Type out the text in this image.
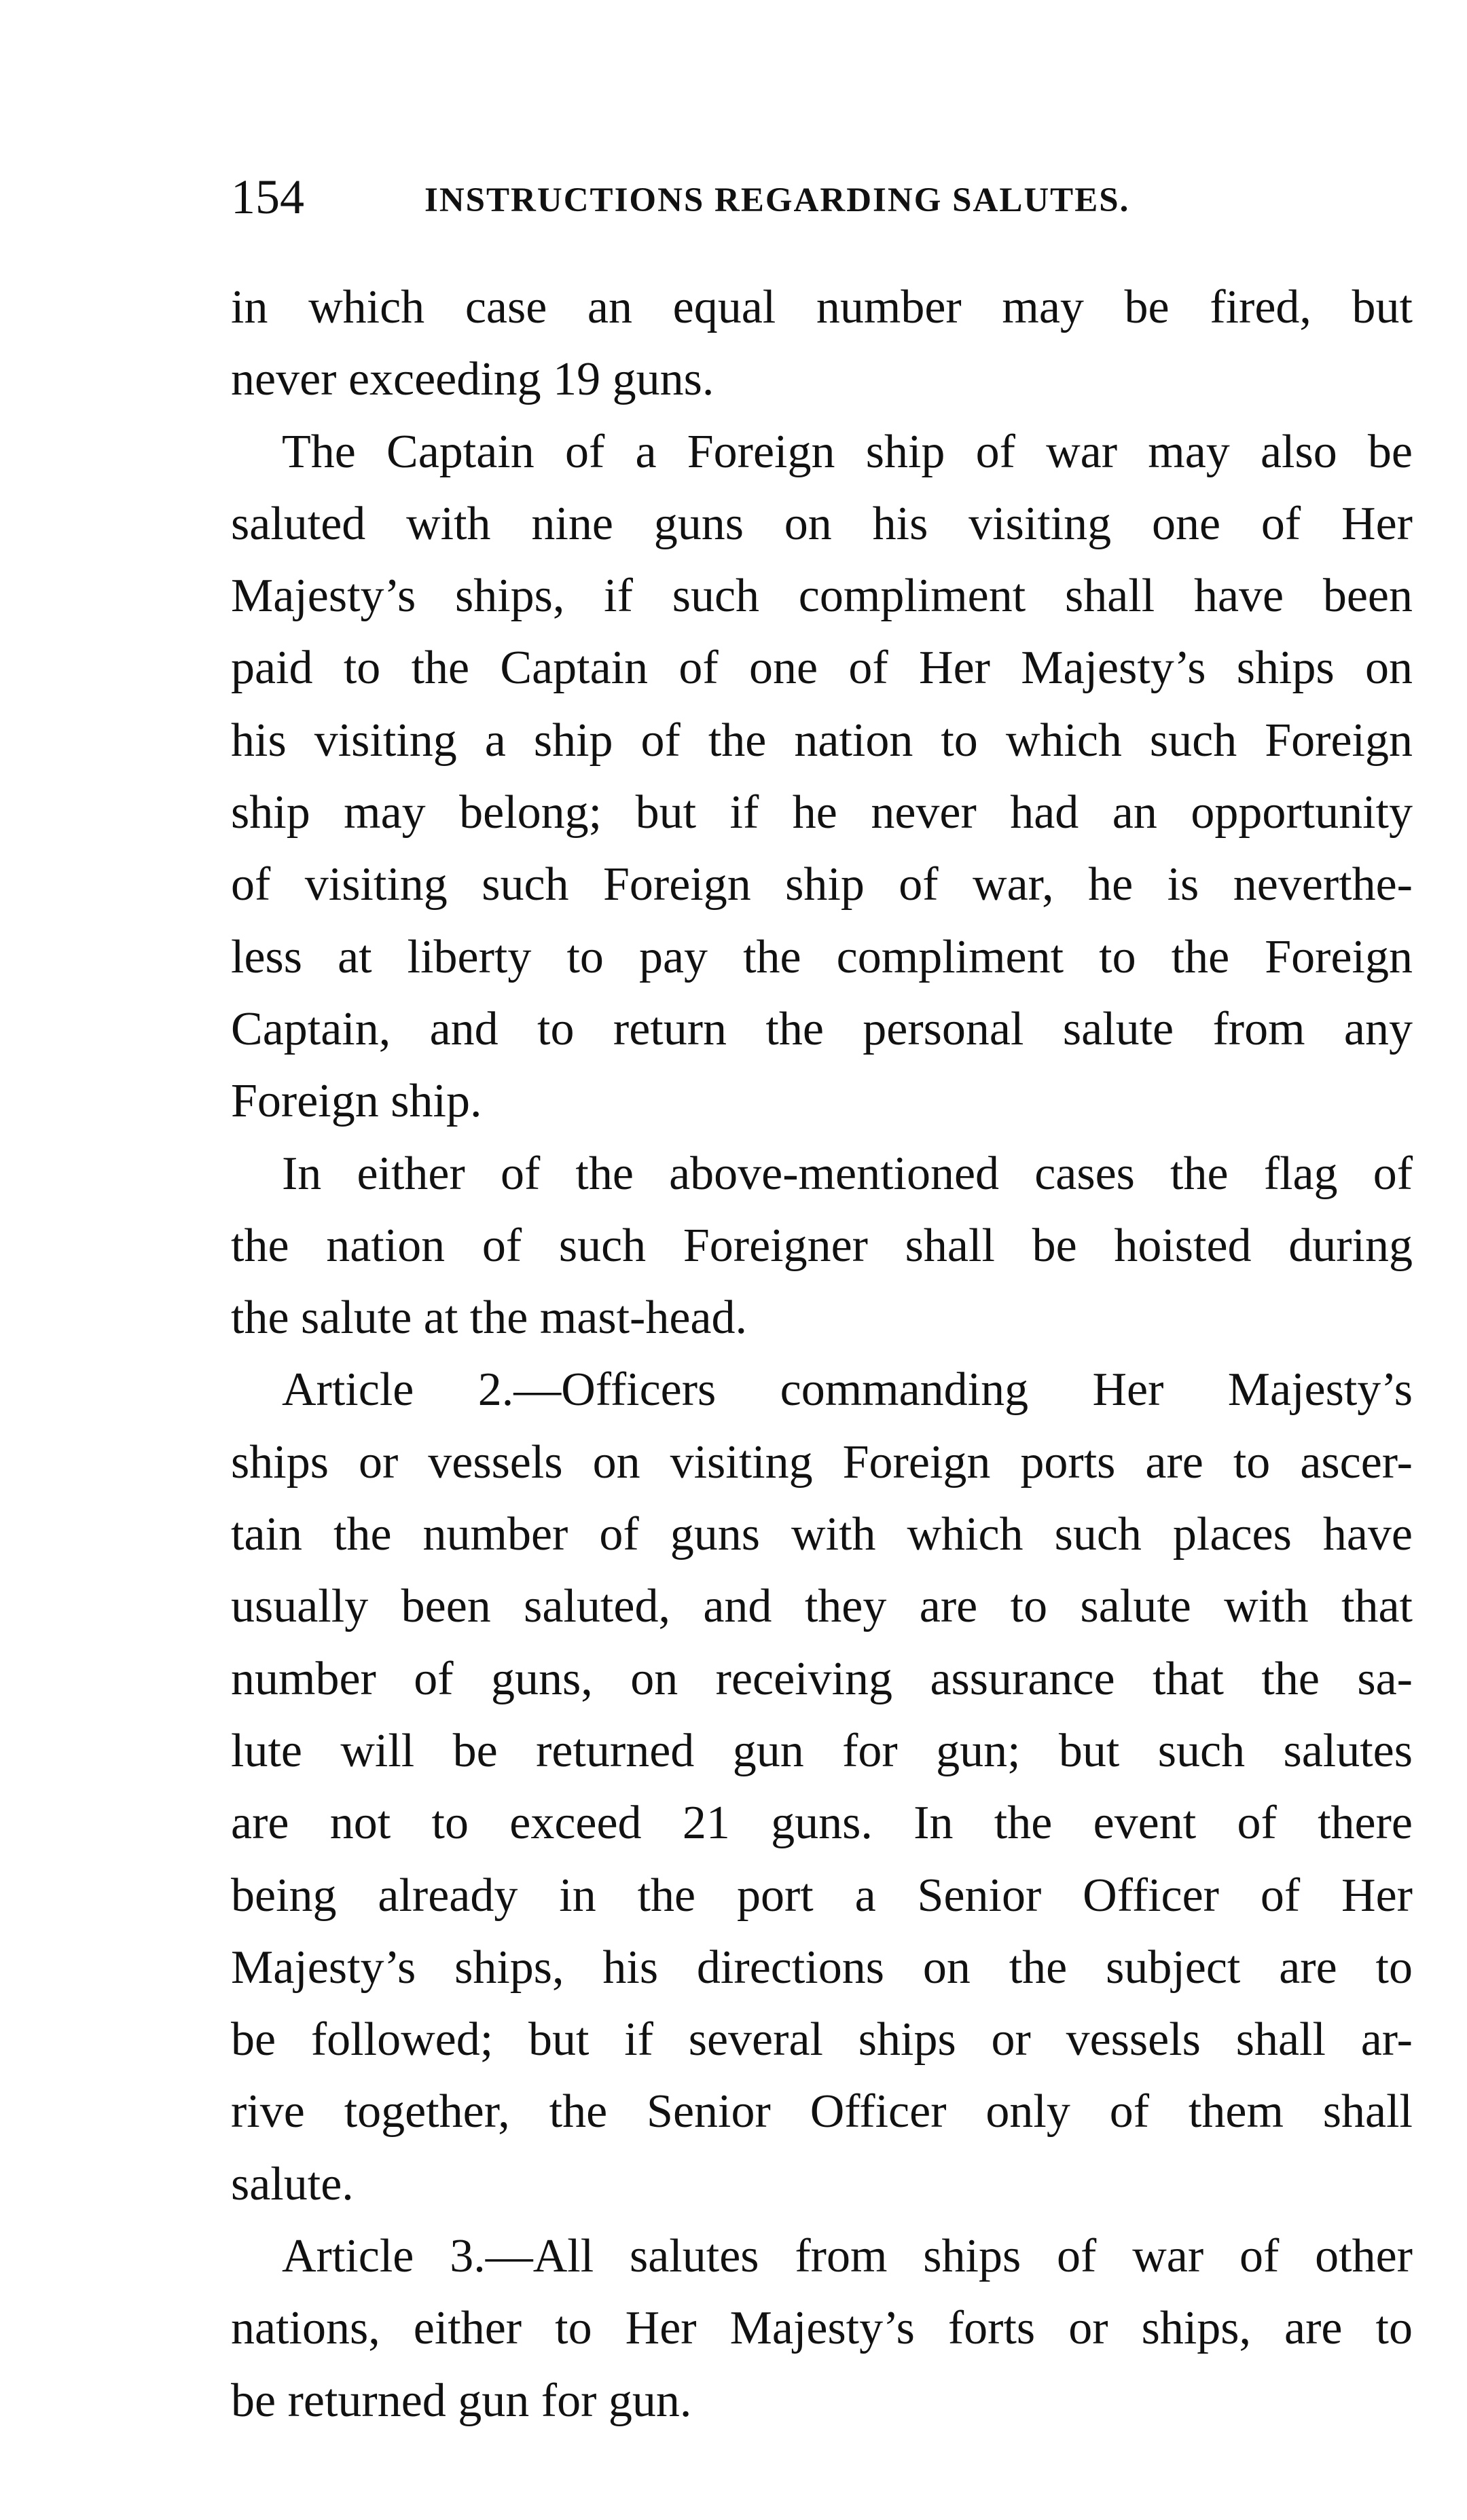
154	INSTRUCTIONS REGARDING SALUTES.
in which case an equal number may be fired, but
never exceeding 19 guns.
The Captain of a Foreign ship of war may also be
saluted with nine guns on his visiting one of Her
Majesty’s ships, if such compliment shall have been
paid to the Captain of one of Her Majesty’s ships on
his visiting a ship of the nation to which such Foreign
ship may belong; but if he never had an opportunity
of visiting such Foreign ship of war, he is neverthe-
less at liberty to pay the compliment to the Foreign
Captain, and to return the personal salute from any
Foreign ship.
In either of the above-mentioned cases the flag of
the nation of such Foreigner shall be hoisted during
the salute at the mast-head.
Article 2.—Officers commanding Her Majesty’s
ships or vessels on visiting Foreign ports are to ascer-
tain the number of guns with which such places have
usually been saluted, and they are to salute with that
number of guns, on receiving assurance that the sa-
lute will be returned gun for gun; but such salutes
are not to exceed 21 guns. In the event of there
being already in the port a Senior Officer of Her
Majesty’s ships, his directions on the subject are to
be followed; but if several ships or vessels shall ar-
rive together, the Senior Officer only of them shall
salute.
Article 3.—All salutes from ships of war of other
nations, either to Her Majesty’s forts or ships, are to
be returned gun for gun.
